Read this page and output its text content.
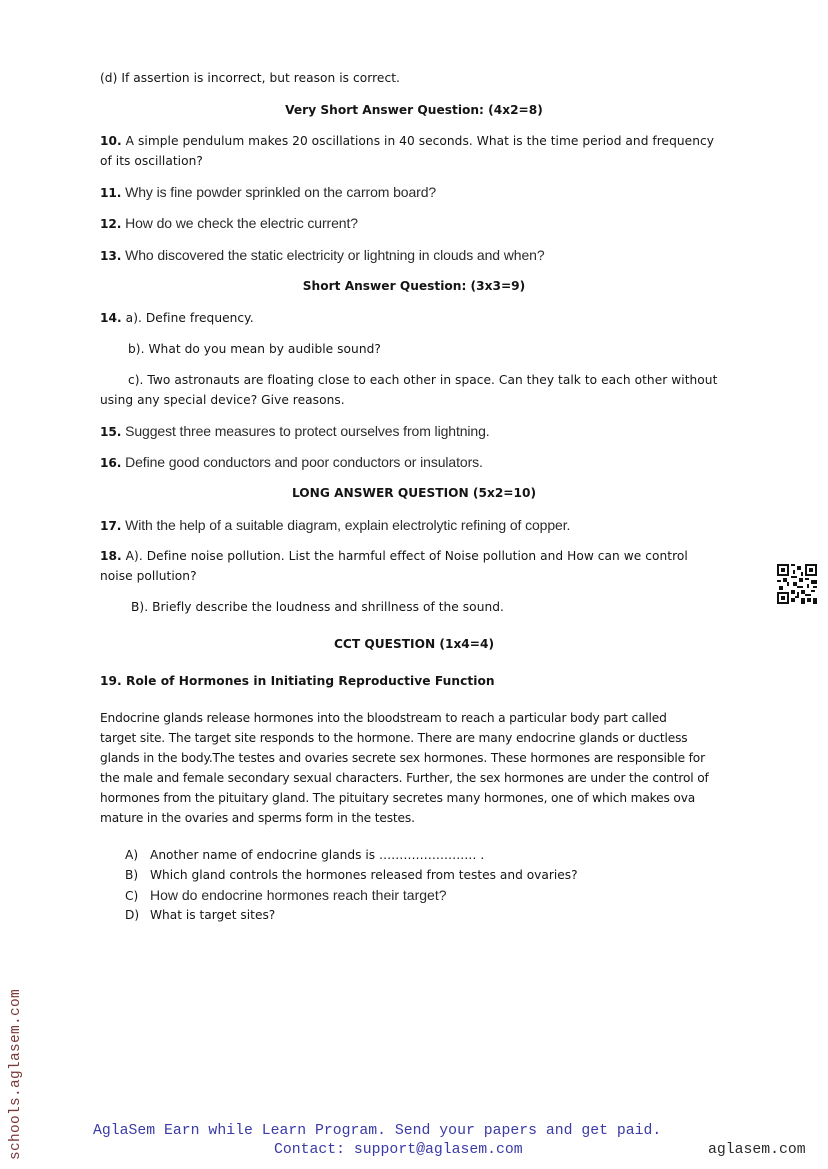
(d) If assertion is incorrect, but reason is correct.
Very Short Answer Question: (4x2=8)
10. A simple pendulum makes 20 oscillations in 40 seconds. What is the time period and frequency
of its oscillation?
11. Why is fine powder sprinkled on the carrom board?
12. How do we check the electric current?
13. Who discovered the static electricity or lightning in clouds and when?
Short Answer Question: (3x3=9)
14. a). Define frequency.
b). What do you mean by audible sound?
c). Two astronauts are floating close to each other in space. Can they talk to each other without
using any special device? Give reasons.
15. Suggest three measures to protect ourselves from lightning.
16. Define good conductors and poor conductors or insulators.
LONG ANSWER QUESTION (5x2=10)
17. With the help of a suitable diagram, explain electrolytic refining of copper.
18. A). Define noise pollution. List the harmful effect of Noise pollution and How can we control
noise pollution?
B). Briefly describe the loudness and shrillness of the sound.
CCT QUESTION (1x4=4)
19. Role of Hormones in Initiating Reproductive Function
Endocrine glands release hormones into the bloodstream to reach a particular body part called
target site. The target site responds to the hormone. There are many endocrine glands or ductless
glands in the body.The testes and ovaries secrete sex hormones. These hormones are responsible for
the male and female secondary sexual characters. Further, the sex hormones are under the control of
hormones from the pituitary gland. The pituitary secretes many hormones, one of which makes ova
mature in the ovaries and sperms form in the testes.
A) Another name of endocrine glands is …………………… .
B) Which gland controls the hormones released from testes and ovaries?
C) How do endocrine hormones reach their target?
D) What is target sites?
schools.aglasem.com	AglaSem Earn while Learn Program. Send your papers and get paid.
Contact: support@aglasem.com	aglasem.com
